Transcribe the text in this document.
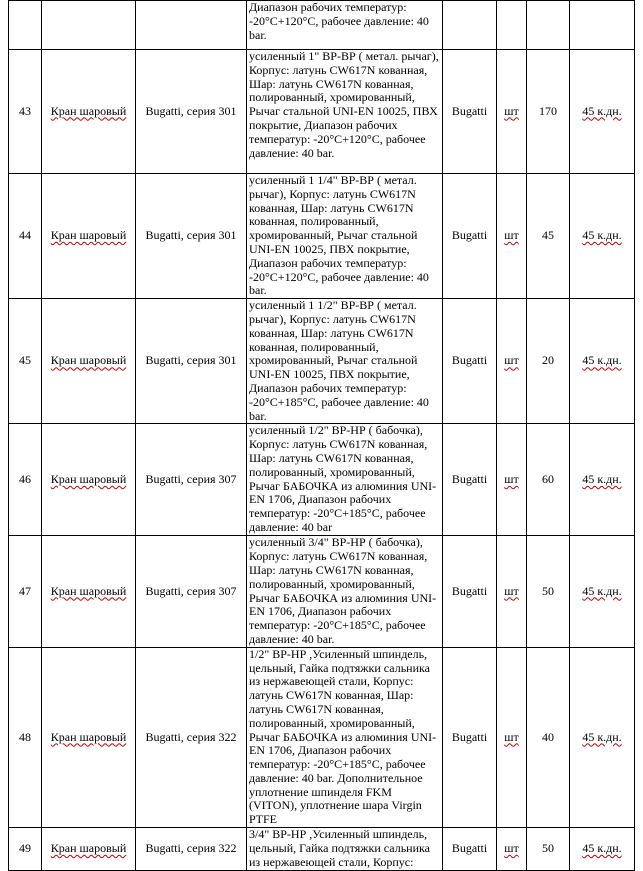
			Диапазон рабочих температур: -20°С+120°С, рабочее давление: 40 bar.				

43	Кран шаровый	Bugatti, серия 301	усиленный 1" ВР-ВР ( метал. рычаг), Корпус: латунь CW617N кованная, Шар: латунь CW617N кованная, полированный, хромированный, Рычаг стальной UNI-EN 10025, ПВХ покрытие, Диапазон рабочих температур: -20°С+120°С, рабочее давление: 40 bar.	Bugatti	шт	170	45 к.дн.
44	Кран шаровый	Bugatti, серия 301	усиленный 1 1/4" ВР-ВР ( метал. рычаг), Корпус: латунь CW617N кованная, Шар: латунь CW617N кованная, полированный, хромированный, Рычаг стальной UNI-EN 10025, ПВХ покрытие, Диапазон рабочих температур: -20°С+120°С, рабочее давление: 40 bar.	Bugatti	шт	45	45 к.дн.
45	Кран шаровый	Bugatti, серия 301	усиленный 1 1/2" ВР-ВР ( метал. рычаг), Корпус: латунь CW617N кованная, Шар: латунь CW617N кованная, полированный, хромированный, Рычаг стальной UNI-EN 10025, ПВХ покрытие, Диапазон рабочих температур: -20°С+185°С, рабочее давление: 40 bar.	Bugatti	шт	20	45 к.дн.
46	Кран шаровый	Bugatti, серия 307	усиленный 1/2" ВР-НР ( бабочка), Корпус: латунь CW617N кованная, Шар: латунь CW617N кованная, полированный, хромированный, Рычаг БАБОЧКА из алюминия UNI-EN 1706, Диапазон рабочих температур: -20°С+185°С, рабочее давление: 40 bar	Bugatti	шт	60	45 к.дн.
47	Кран шаровый	Bugatti, серия 307	усиленный 3/4" ВР-НР ( бабочка), Корпус: латунь CW617N кованная, Шар: латунь CW617N кованная, полированный, хромированный, Рычаг БАБОЧКА из алюминия UNI-EN 1706, Диапазон рабочих температур: -20°С+185°С, рабочее давление: 40 bar.	Bugatti	шт	50	45 к.дн.
48	Кран шаровый	Bugatti, серия 322	1/2" ВР-НР ,Усиленный шпиндель, цельный, Гайка подтяжки сальника из нержавеющей стали, Корпус: латунь CW617N кованная, Шар: латунь CW617N кованная, полированный, хромированный, Рычаг БАБОЧКА из алюминия UNI-EN 1706, Диапазон рабочих температур: -20°С+185°С, рабочее давление: 40 bar. Дополнительное уплотнение шпинделя FKM (VITON), уплотнение шара Virgin PTFE	Bugatti	шт	40	45 к.дн.
49	Кран шаровый	Bugatti, серия 322	3/4" ВР-НР ,Усиленный шпиндель, цельный, Гайка подтяжки сальника из нержавеющей стали, Корпус:	Bugatti	шт	50	45 к.дн.
